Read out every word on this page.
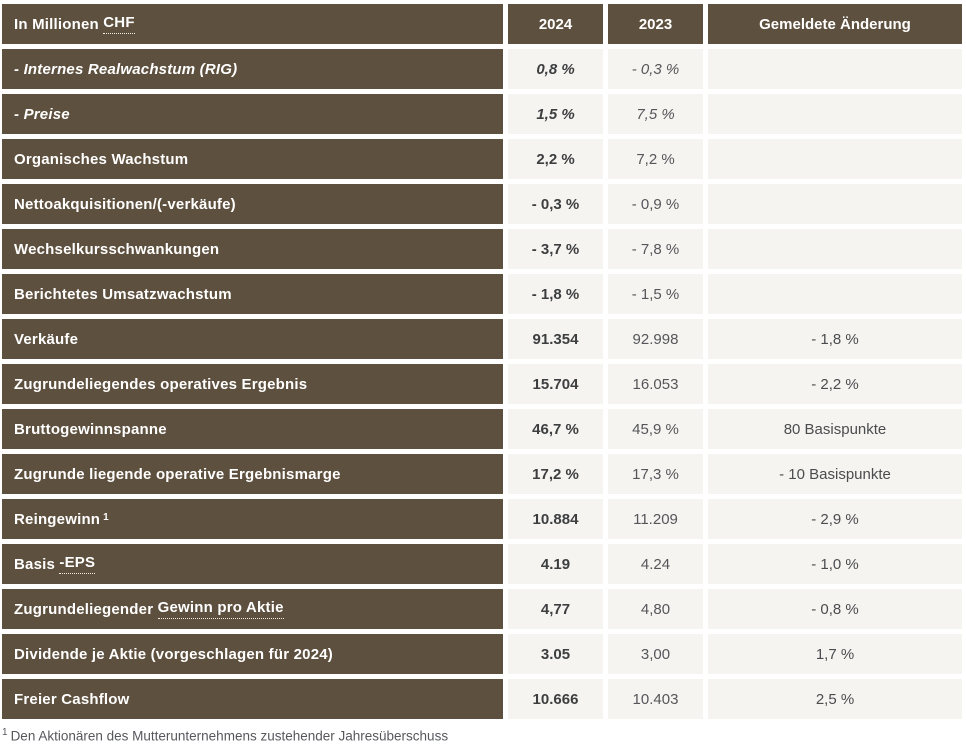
In Millionen CHF	2024	2023	Gemeldete Änderung
- Internes Realwachstum (RIG)	0,8 %	- 0,3 %
- Preise	1,5 %	7,5 %
Organisches Wachstum	2,2 %	7,2 %
Nettoakquisitionen/(-verkäufe)	- 0,3 %	- 0,9 %
Wechselkursschwankungen	- 3,7 %	- 7,8 %
Berichtetes Umsatzwachstum	- 1,8 %	- 1,5 %
Verkäufe	91.354	92.998	- 1,8 %
Zugrundeliegendes operatives Ergebnis	15.704	16.053	- 2,2 %
Bruttogewinnspanne	46,7 %	45,9 %	80 Basispunkte
Zugrunde liegende operative Ergebnismarge	17,2 %	17,3 %	- 10 Basispunkte
Reingewinn $^1$	10.884	11.209	- 2,9 %
Basis -EPS	4.19	4.24	- 1,0 %
Zugrundeliegender Gewinn pro Aktie	4,77	4,80	- 0,8 %
Dividende je Aktie (vorgeschlagen für 2024)	3.05	3,00	1,7 %
Freier Cashflow	10.666	10.403	2,5 %
$^1$ Den Aktionären des Mutterunternehmens zustehender Jahresüberschuss
